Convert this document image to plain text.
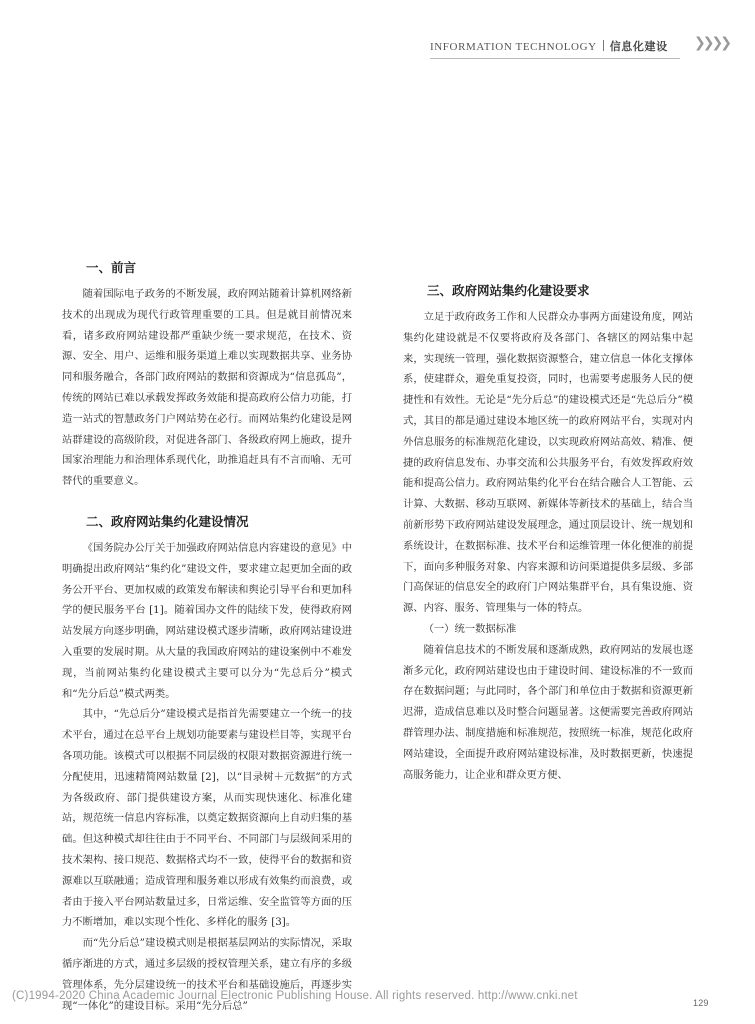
INFORMATION TECHNOLOGY 信息化建设 ❯❯❯❯
一、前言

随着国际电子政务的不断发展，政府网站随着计算机网络新技术的出现成为现代行政管理重要的工具。但是就目前情况来看，诸多政府网站建设都严重缺少统一要求规范，在技术、资源、安全、用户、运维和服务渠道上难以实现数据共享、业务协同和服务融合，各部门政府网站的数据和资源成为“信息孤岛”，传统的网站已难以承载发挥政务效能和提高政府公信力功能，打造一站式的智慧政务门户网站势在必行。而网站集约化建设是网站群建设的高级阶段，对促进各部门、各级政府网上施政，提升国家治理能力和治理体系现代化，助推追赶具有不言而喻、无可替代的重要意义。

二、政府网站集约化建设情况

《国务院办公厅关于加强政府网站信息内容建设的意见》中明确提出政府网站“集约化”建设文件，要求建立起更加全面的政务公开平台、更加权威的政策发布解读和舆论引导平台和更加科学的便民服务平台 [1]。随着国办文件的陆续下发，使得政府网站发展方向逐步明确，网站建设模式逐步清晰，政府网站建设进入重要的发展时期。从大量的我国政府网站的建设案例中不难发现，当前网站集约化建设模式主要可以分为“先总后分”模式和“先分后总”模式两类。

其中，“先总后分”建设模式是指首先需要建立一个统一的技术平台，通过在总平台上规划功能要素与建设栏目等，实现平台各项功能。该模式可以根据不同层级的权限对数据资源进行统一分配使用，迅速精简网站数量 [2]，以“目录树＋元数据”的方式为各级政府、部门提供建设方案，从而实现快速化、标准化建站，规范统一信息内容标准，以奠定数据资源向上自动归集的基础。但这种模式却往往由于不同平台、不同部门与层级间采用的技术架构、接口规范、数据格式均不一致，使得平台的数据和资源难以互联融通；造成管理和服务难以形成有效集约而浪费，或者由于接入平台网站数量过多，日常运维、安全监管等方面的压力不断增加，难以实现个性化、多样化的服务 [3]。

而“先分后总”建设模式则是根据基层网站的实际情况，采取循序渐进的方式，通过多层级的授权管理关系，建立有序的多级管理体系，先分层建设统一的技术平台和基础设施后，再逐步实现“一体化”的建设目标。采用“先分后总”

三、政府网站集约化建设要求

立足于政府政务工作和人民群众办事两方面建设角度，网站集约化建设就是不仅要将政府及各部门、各辖区的网站集中起来，实现统一管理，强化数据资源整合，建立信息一体化支撑体系，使建群众，避免重复投资，同时，也需要考虑服务人民的便捷性和有效性。无论是“先分后总”的建设模式还是“先总后分”模式，其目的都是通过建设本地区统一的政府网站平台，实现对内外信息服务的标准规范化建设，以实现政府网站高效、精准、便捷的政府信息发布、办事交流和公共服务平台，有效发挥政府效能和提高公信力。政府网站集约化平台在结合融合人工智能、云计算、大数据、移动互联网、新媒体等新技术的基础上，结合当前新形势下政府网站建设发展理念，通过顶层设计、统一规划和系统设计，在数据标准、技术平台和运维管理一体化便准的前提下，面向多种服务对象、内容来源和访问渠道提供多层级、多部门高保证的信息安全的政府门户网站集群平台，具有集设施、资源、内容、服务、管理集与一体的特点。

（一）统一数据标准

随着信息技术的不断发展和逐渐成熟，政府网站的发展也逐渐多元化，政府网站建设也由于建设时间、建设标准的不一致而存在数据问题；与此同时，各个部门和单位由于数据和资源更新迟滞，造成信息难以及时整合问题显著。这便需要完善政府网站群管理办法、制度措施和标准规范，按照统一标准，规范化政府网站建设，全面提升政府网站建设标准，及时数据更新，快速提高服务能力，让企业和群众更方便、

(C)1994-2020 China Academic Journal Electronic Publishing House. All rights reserved. http://www.cnki.net
129
